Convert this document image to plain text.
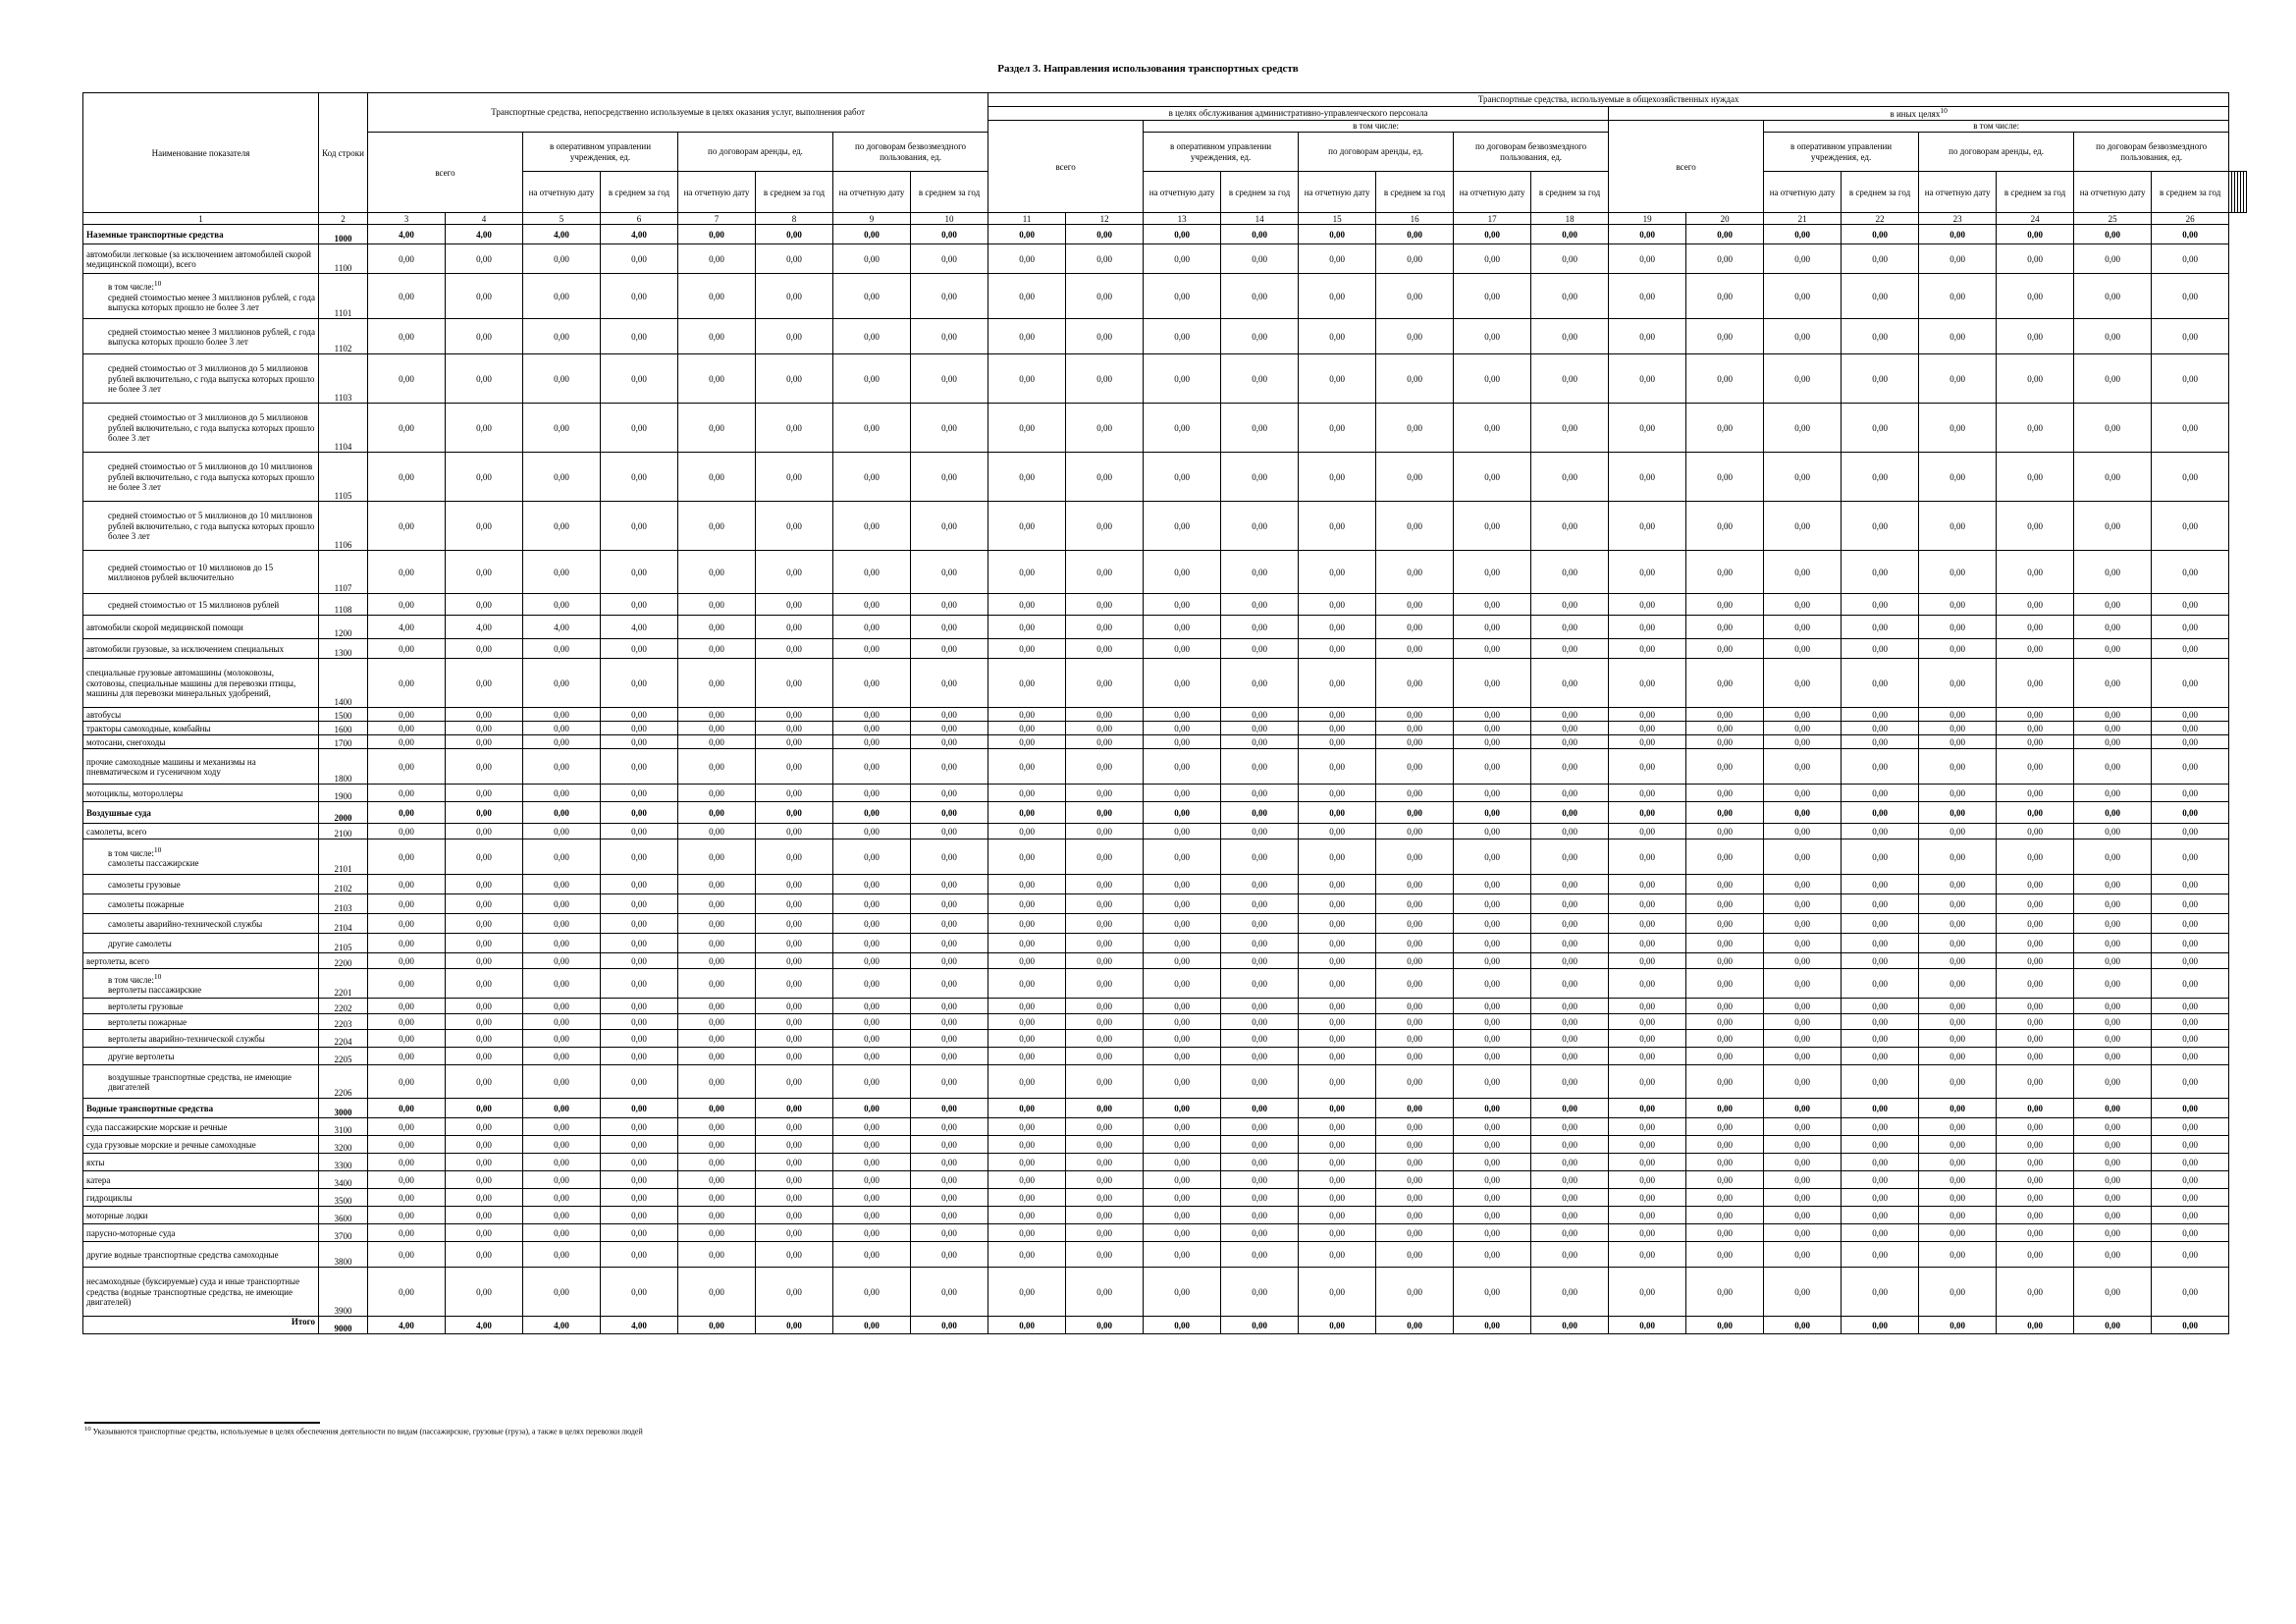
Раздел 3. Направления использования транспортных средств
Наименование показателя	Код строки	Транспортные средства, непосредственно используемые в целях оказания услуг, выполнения работ								Транспортные средства, используемые в общехозяйственных нуждах																					
										в целях обслуживания административно-управленческого персонала								в иных целях$^{10}$
										всего		в том числе:						всего		в том числе:											
		всего		в оперативном управлении учреждения, ед.		по договорам аренды, ед.		по договорам безвозмездного пользования, ед.				в оперативном управлении учреждения, ед.		по договорам аренды, ед.		по договорам безвозмездного пользования, ед.				в оперативном управлении учреждения, ед.		по договорам аренды, ед.		по договорам безвозмездного пользования, ед.							
				на отчетную дату	в среднем за год	на отчетную дату	в среднем за год	на отчетную дату	в среднем за год			на отчетную дату	в среднем за год	на отчетную дату	в среднем за год	на отчетную дату	в среднем за год			на отчетную дату	в среднем за год	на отчетную дату	в среднем за год	на отчетную дату	в среднем за год						
1	2	3	4	5	6	7	8	9	10	11	12	13	14	15	16	17	18	19	20	21	22	23	24	25	26						
Наземные транспортные средства	1000	4,00	4,00	4,00	4,00	0,00	0,00	0,00	0,00	0,00	0,00	0,00	0,00	0,00	0,00	0,00	0,00	0,00	0,00	0,00	0,00	0,00	0,00	0,00	0,00						
автомобили легковые (за исключением автомобилей скорой медицинской помощи), всего	1100	0,00	0,00	0,00	0,00	0,00	0,00	0,00	0,00	0,00	0,00	0,00	0,00	0,00	0,00	0,00	0,00	0,00	0,00	0,00	0,00	0,00	0,00	0,00	0,00						

в том числе:$^{10}$
средней стоимостью менее 3 миллионов рублей, с года выпуска которых прошло не более 3 лет	1101	0,00	0,00	0,00	0,00	0,00	0,00	0,00	0,00	0,00	0,00	0,00	0,00	0,00	0,00	0,00	0,00	0,00	0,00	0,00	0,00	0,00	0,00	0,00	0,00						

средней стоимостью менее 3 миллионов рублей, с года выпуска которых прошло более 3 лет	1102	0,00	0,00	0,00	0,00	0,00	0,00	0,00	0,00	0,00	0,00	0,00	0,00	0,00	0,00	0,00	0,00	0,00	0,00	0,00	0,00	0,00	0,00	0,00	0,00						

средней стоимостью от 3 миллионов до 5 миллионов рублей включительно, с года выпуска которых прошло не более 3 лет	1103	0,00	0,00	0,00	0,00	0,00	0,00	0,00	0,00	0,00	0,00	0,00	0,00	0,00	0,00	0,00	0,00	0,00	0,00	0,00	0,00	0,00	0,00	0,00	0,00						

средней стоимостью от 3 миллионов до 5 миллионов рублей включительно, с года выпуска которых прошло более 3 лет	1104	0,00	0,00	0,00	0,00	0,00	0,00	0,00	0,00	0,00	0,00	0,00	0,00	0,00	0,00	0,00	0,00	0,00	0,00	0,00	0,00	0,00	0,00	0,00	0,00						

средней стоимостью от 5 миллионов до 10 миллионов рублей включительно, с года выпуска которых прошло не более 3 лет	1105	0,00	0,00	0,00	0,00	0,00	0,00	0,00	0,00	0,00	0,00	0,00	0,00	0,00	0,00	0,00	0,00	0,00	0,00	0,00	0,00	0,00	0,00	0,00	0,00						

средней стоимостью от 5 миллионов до 10 миллионов рублей включительно, с года выпуска которых прошло более 3 лет	1106	0,00	0,00	0,00	0,00	0,00	0,00	0,00	0,00	0,00	0,00	0,00	0,00	0,00	0,00	0,00	0,00	0,00	0,00	0,00	0,00	0,00	0,00	0,00	0,00						

средней стоимостью от 10 миллионов до 15 миллионов рублей включительно	1107	0,00	0,00	0,00	0,00	0,00	0,00	0,00	0,00	0,00	0,00	0,00	0,00	0,00	0,00	0,00	0,00	0,00	0,00	0,00	0,00	0,00	0,00	0,00	0,00						

средней стоимостью от 15 миллионов рублей	1108	0,00	0,00	0,00	0,00	0,00	0,00	0,00	0,00	0,00	0,00	0,00	0,00	0,00	0,00	0,00	0,00	0,00	0,00	0,00	0,00	0,00	0,00	0,00	0,00						
автомобили скорой медицинской помощи	1200	4,00	4,00	4,00	4,00	0,00	0,00	0,00	0,00	0,00	0,00	0,00	0,00	0,00	0,00	0,00	0,00	0,00	0,00	0,00	0,00	0,00	0,00	0,00	0,00						
автомобили грузовые, за исключением специальных	1300	0,00	0,00	0,00	0,00	0,00	0,00	0,00	0,00	0,00	0,00	0,00	0,00	0,00	0,00	0,00	0,00	0,00	0,00	0,00	0,00	0,00	0,00	0,00	0,00						
специальные грузовые автомашины (молоковозы, скотовозы, специальные машины для перевозки птицы, машины для перевозки минеральных удобрений,	1400	0,00	0,00	0,00	0,00	0,00	0,00	0,00	0,00	0,00	0,00	0,00	0,00	0,00	0,00	0,00	0,00	0,00	0,00	0,00	0,00	0,00	0,00	0,00	0,00						
автобусы	1500	0,00	0,00	0,00	0,00	0,00	0,00	0,00	0,00	0,00	0,00	0,00	0,00	0,00	0,00	0,00	0,00	0,00	0,00	0,00	0,00	0,00	0,00	0,00	0,00						
тракторы самоходные, комбайны	1600	0,00	0,00	0,00	0,00	0,00	0,00	0,00	0,00	0,00	0,00	0,00	0,00	0,00	0,00	0,00	0,00	0,00	0,00	0,00	0,00	0,00	0,00	0,00	0,00						
мотосани, снегоходы	1700	0,00	0,00	0,00	0,00	0,00	0,00	0,00	0,00	0,00	0,00	0,00	0,00	0,00	0,00	0,00	0,00	0,00	0,00	0,00	0,00	0,00	0,00	0,00	0,00						
прочие самоходные машины и механизмы на пневматическом и гусеничном ходу	1800	0,00	0,00	0,00	0,00	0,00	0,00	0,00	0,00	0,00	0,00	0,00	0,00	0,00	0,00	0,00	0,00	0,00	0,00	0,00	0,00	0,00	0,00	0,00	0,00						
мотоциклы, мотороллеры	1900	0,00	0,00	0,00	0,00	0,00	0,00	0,00	0,00	0,00	0,00	0,00	0,00	0,00	0,00	0,00	0,00	0,00	0,00	0,00	0,00	0,00	0,00	0,00	0,00						
Воздушные суда	2000	0,00	0,00	0,00	0,00	0,00	0,00	0,00	0,00	0,00	0,00	0,00	0,00	0,00	0,00	0,00	0,00	0,00	0,00	0,00	0,00	0,00	0,00	0,00	0,00						
самолеты, всего	2100	0,00	0,00	0,00	0,00	0,00	0,00	0,00	0,00	0,00	0,00	0,00	0,00	0,00	0,00	0,00	0,00	0,00	0,00	0,00	0,00	0,00	0,00	0,00	0,00						

в том числе:$^{10}$
самолеты пассажирские	2101	0,00	0,00	0,00	0,00	0,00	0,00	0,00	0,00	0,00	0,00	0,00	0,00	0,00	0,00	0,00	0,00	0,00	0,00	0,00	0,00	0,00	0,00	0,00	0,00						

самолеты грузовые	2102	0,00	0,00	0,00	0,00	0,00	0,00	0,00	0,00	0,00	0,00	0,00	0,00	0,00	0,00	0,00	0,00	0,00	0,00	0,00	0,00	0,00	0,00	0,00	0,00						

самолеты пожарные	2103	0,00	0,00	0,00	0,00	0,00	0,00	0,00	0,00	0,00	0,00	0,00	0,00	0,00	0,00	0,00	0,00	0,00	0,00	0,00	0,00	0,00	0,00	0,00	0,00						

самолеты аварийно-технической службы	2104	0,00	0,00	0,00	0,00	0,00	0,00	0,00	0,00	0,00	0,00	0,00	0,00	0,00	0,00	0,00	0,00	0,00	0,00	0,00	0,00	0,00	0,00	0,00	0,00						

другие самолеты	2105	0,00	0,00	0,00	0,00	0,00	0,00	0,00	0,00	0,00	0,00	0,00	0,00	0,00	0,00	0,00	0,00	0,00	0,00	0,00	0,00	0,00	0,00	0,00	0,00						
вертолеты, всего	2200	0,00	0,00	0,00	0,00	0,00	0,00	0,00	0,00	0,00	0,00	0,00	0,00	0,00	0,00	0,00	0,00	0,00	0,00	0,00	0,00	0,00	0,00	0,00	0,00						

в том числе:$^{10}$
вертолеты пассажирские	2201	0,00	0,00	0,00	0,00	0,00	0,00	0,00	0,00	0,00	0,00	0,00	0,00	0,00	0,00	0,00	0,00	0,00	0,00	0,00	0,00	0,00	0,00	0,00	0,00						

вертолеты грузовые	2202	0,00	0,00	0,00	0,00	0,00	0,00	0,00	0,00	0,00	0,00	0,00	0,00	0,00	0,00	0,00	0,00	0,00	0,00	0,00	0,00	0,00	0,00	0,00	0,00						

вертолеты пожарные	2203	0,00	0,00	0,00	0,00	0,00	0,00	0,00	0,00	0,00	0,00	0,00	0,00	0,00	0,00	0,00	0,00	0,00	0,00	0,00	0,00	0,00	0,00	0,00	0,00						

вертолеты аварийно-технической службы	2204	0,00	0,00	0,00	0,00	0,00	0,00	0,00	0,00	0,00	0,00	0,00	0,00	0,00	0,00	0,00	0,00	0,00	0,00	0,00	0,00	0,00	0,00	0,00	0,00						

другие вертолеты	2205	0,00	0,00	0,00	0,00	0,00	0,00	0,00	0,00	0,00	0,00	0,00	0,00	0,00	0,00	0,00	0,00	0,00	0,00	0,00	0,00	0,00	0,00	0,00	0,00						

воздушные транспортные средства, не имеющие двигателей	2206	0,00	0,00	0,00	0,00	0,00	0,00	0,00	0,00	0,00	0,00	0,00	0,00	0,00	0,00	0,00	0,00	0,00	0,00	0,00	0,00	0,00	0,00	0,00	0,00						
Водные транспортные средства	3000	0,00	0,00	0,00	0,00	0,00	0,00	0,00	0,00	0,00	0,00	0,00	0,00	0,00	0,00	0,00	0,00	0,00	0,00	0,00	0,00	0,00	0,00	0,00	0,00						
суда пассажирские морские и речные	3100	0,00	0,00	0,00	0,00	0,00	0,00	0,00	0,00	0,00	0,00	0,00	0,00	0,00	0,00	0,00	0,00	0,00	0,00	0,00	0,00	0,00	0,00	0,00	0,00						
суда грузовые морские и речные самоходные	3200	0,00	0,00	0,00	0,00	0,00	0,00	0,00	0,00	0,00	0,00	0,00	0,00	0,00	0,00	0,00	0,00	0,00	0,00	0,00	0,00	0,00	0,00	0,00	0,00						
яхты	3300	0,00	0,00	0,00	0,00	0,00	0,00	0,00	0,00	0,00	0,00	0,00	0,00	0,00	0,00	0,00	0,00	0,00	0,00	0,00	0,00	0,00	0,00	0,00	0,00						
катера	3400	0,00	0,00	0,00	0,00	0,00	0,00	0,00	0,00	0,00	0,00	0,00	0,00	0,00	0,00	0,00	0,00	0,00	0,00	0,00	0,00	0,00	0,00	0,00	0,00						
гидроциклы	3500	0,00	0,00	0,00	0,00	0,00	0,00	0,00	0,00	0,00	0,00	0,00	0,00	0,00	0,00	0,00	0,00	0,00	0,00	0,00	0,00	0,00	0,00	0,00	0,00						
моторные лодки	3600	0,00	0,00	0,00	0,00	0,00	0,00	0,00	0,00	0,00	0,00	0,00	0,00	0,00	0,00	0,00	0,00	0,00	0,00	0,00	0,00	0,00	0,00	0,00	0,00						
парусно-моторные суда	3700	0,00	0,00	0,00	0,00	0,00	0,00	0,00	0,00	0,00	0,00	0,00	0,00	0,00	0,00	0,00	0,00	0,00	0,00	0,00	0,00	0,00	0,00	0,00	0,00						
другие водные транспортные средства самоходные	3800	0,00	0,00	0,00	0,00	0,00	0,00	0,00	0,00	0,00	0,00	0,00	0,00	0,00	0,00	0,00	0,00	0,00	0,00	0,00	0,00	0,00	0,00	0,00	0,00						
несамоходные (буксируемые) суда и иные транспортные средства (водные транспортные средства, не имеющие двигателей)	3900	0,00	0,00	0,00	0,00	0,00	0,00	0,00	0,00	0,00	0,00	0,00	0,00	0,00	0,00	0,00	0,00	0,00	0,00	0,00	0,00	0,00	0,00	0,00	0,00						
Итого	9000	4,00	4,00	4,00	4,00	0,00	0,00	0,00	0,00	0,00	0,00	0,00	0,00	0,00	0,00	0,00	0,00	0,00	0,00	0,00	0,00	0,00	0,00	0,00	0,00						
$^{10}$ Указываются транспортные средства, используемые в целях обеспечения деятельности по видам (пассажирские, грузовые (груза), а также в целях перевозки людей
